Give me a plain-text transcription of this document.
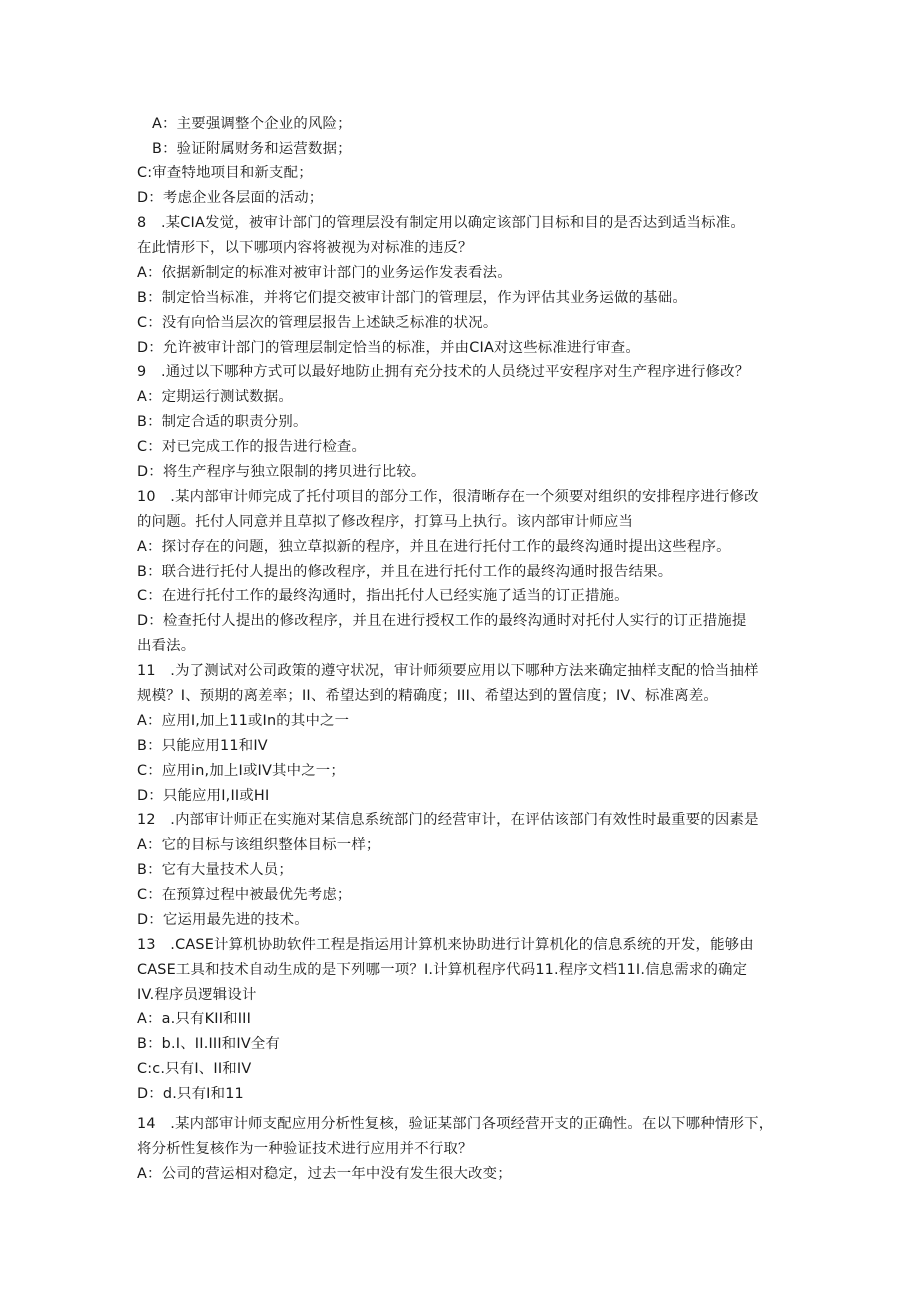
A：主要强调整个企业的风险；
B：验证附属财务和运营数据；
C:审查特地项目和新支配；
D：考虑企业各层面的活动；
8　.某CIA发觉，被审计部门的管理层没有制定用以确定该部门目标和目的是否达到适当标准。
在此情形下，以下哪项内容将被视为对标准的违反？
A：依据新制定的标准对被审计部门的业务运作发表看法。
B：制定恰当标准，并将它们提交被审计部门的管理层，作为评估其业务运做的基础。
C：没有向恰当层次的管理层报告上述缺乏标准的状况。
D：允许被审计部门的管理层制定恰当的标准，并由CIA对这些标准进行审查。
9　.通过以下哪种方式可以最好地防止拥有充分技术的人员绕过平安程序对生产程序进行修改？
A：定期运行测试数据。
B：制定合适的职责分别。
C：对已完成工作的报告进行检查。
D：将生产程序与独立限制的拷贝进行比较。
10　.某内部审计师完成了托付项目的部分工作，很清晰存在一个须要对组织的安排程序进行修改
的问题。托付人同意并且草拟了修改程序，打算马上执行。该内部审计师应当
A：探讨存在的问题，独立草拟新的程序，并且在进行托付工作的最终沟通时提出这些程序。
B：联合进行托付人提出的修改程序，并且在进行托付工作的最终沟通时报告结果。
C：在进行托付工作的最终沟通时，指出托付人已经实施了适当的订正措施。
D：检查托付人提出的修改程序，并且在进行授权工作的最终沟通时对托付人实行的订正措施提
出看法。
11　.为了测试对公司政策的遵守状况，审计师须要应用以下哪种方法来确定抽样支配的恰当抽样
规模？I、预期的离差率；II、希望达到的精确度；III、希望达到的置信度；IV、标准离差。
A：应用I,加上11或In的其中之一
B：只能应用11和IV
C：应用in,加上I或IV其中之一；
D：只能应用I,II或HI
12　.内部审计师正在实施对某信息系统部门的经营审计，在评估该部门有效性时最重要的因素是
A：它的目标与该组织整体目标一样；
B：它有大量技术人员；
C：在预算过程中被最优先考虑；
D：它运用最先进的技术。
13　.CASE计算机协助软件工程是指运用计算机来协助进行计算机化的信息系统的开发，能够由
CASE工具和技术自动生成的是下列哪一项？I.计算机程序代码11.程序文档11I.信息需求的确定
IV.程序员逻辑设计
A：a.只有KII和III
B：b.I、II.III和IV全有
C:c.只有I、II和IV
D：d.只有I和11
14　.某内部审计师支配应用分析性复核，验证某部门各项经营开支的正确性。在以下哪种情形下，
将分析性复核作为一种验证技术进行应用并不行取？
A：公司的营运相对稳定，过去一年中没有发生很大改变；
